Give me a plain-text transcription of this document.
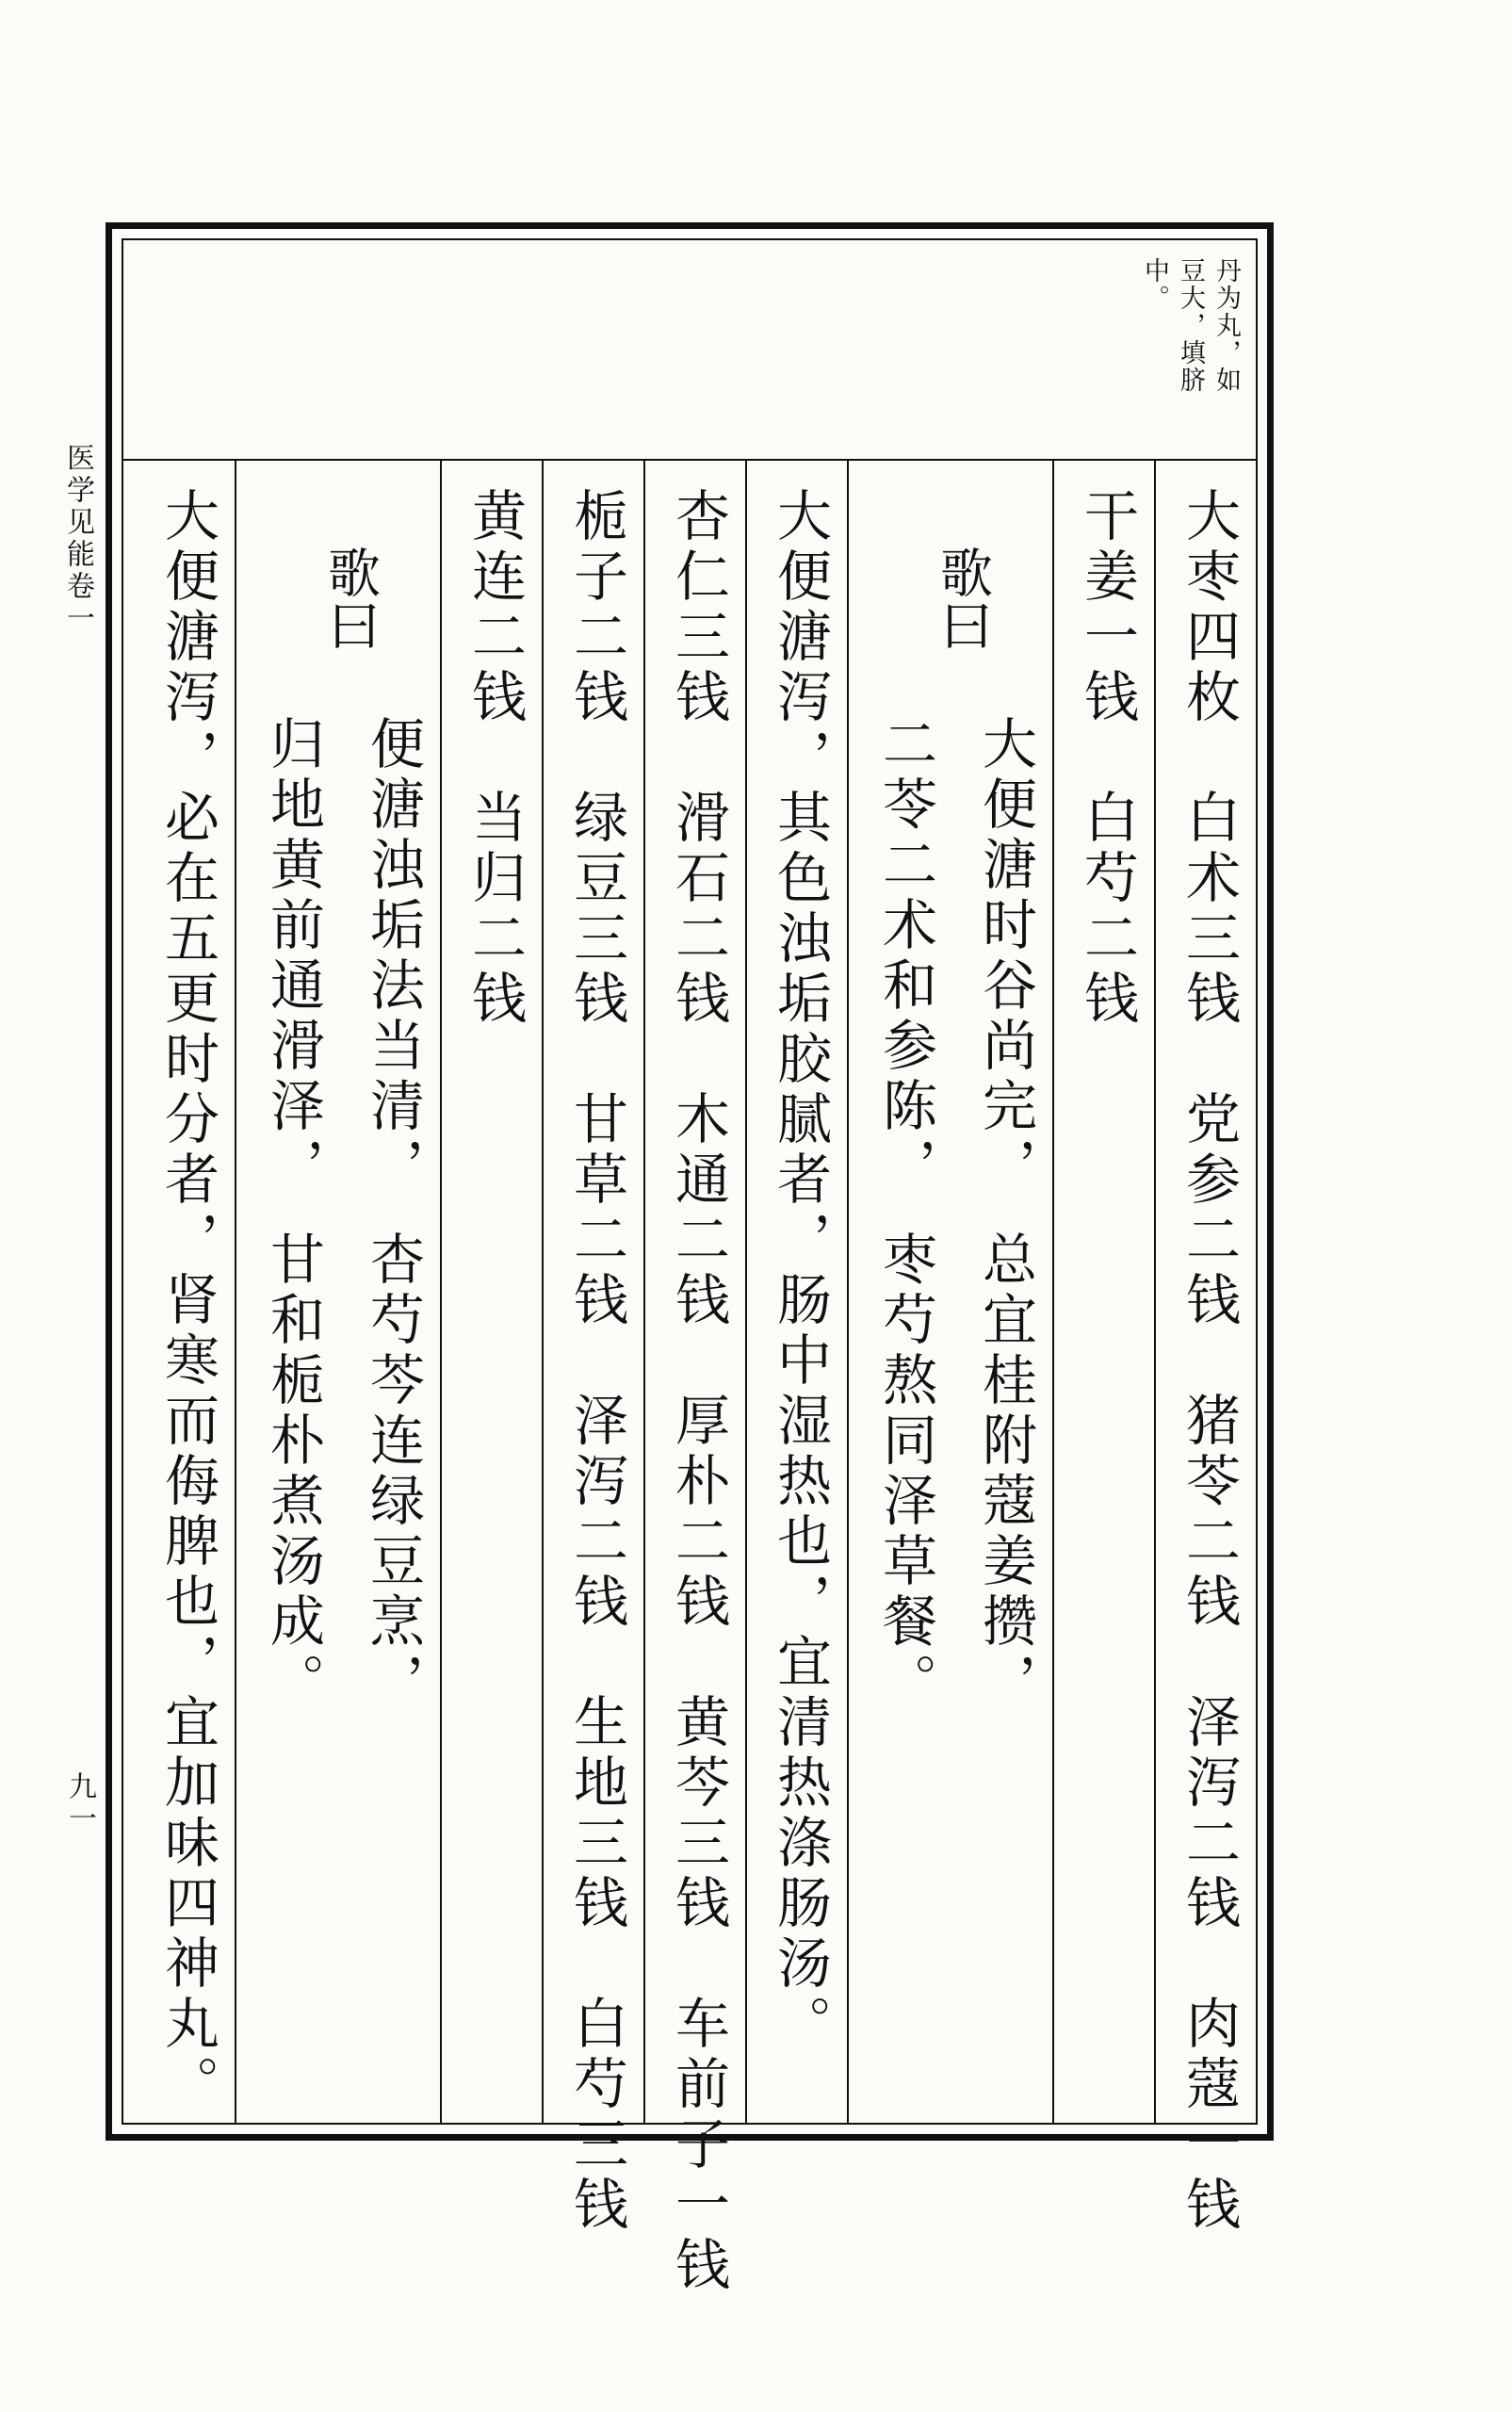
医学见能卷一
九一
丹为丸，如
豆大，填脐
中。
大枣四枚　白术三钱　党参二钱　猪苓二钱　泽泻二钱　肉蔻一钱
干姜一钱　白芍二钱
歌曰
大便溏时谷尚完，　总宜桂附蔻姜攒，
二苓二术和参陈，　枣芍熬同泽草餐。
大便溏泻，其色浊垢胶腻者，肠中湿热也，宜清热涤肠汤。
杏仁三钱　滑石二钱　木通二钱　厚朴二钱　黄芩三钱　车前子一钱
栀子二钱　绿豆三钱　甘草二钱　泽泻二钱　生地三钱　白芍三钱
黄连二钱　当归二钱
歌曰
便溏浊垢法当清，　杏芍芩连绿豆烹，
归地黄前通滑泽，　甘和栀朴煮汤成。
大便溏泻，必在五更时分者，肾寒而侮脾也，宜加味四神丸。
